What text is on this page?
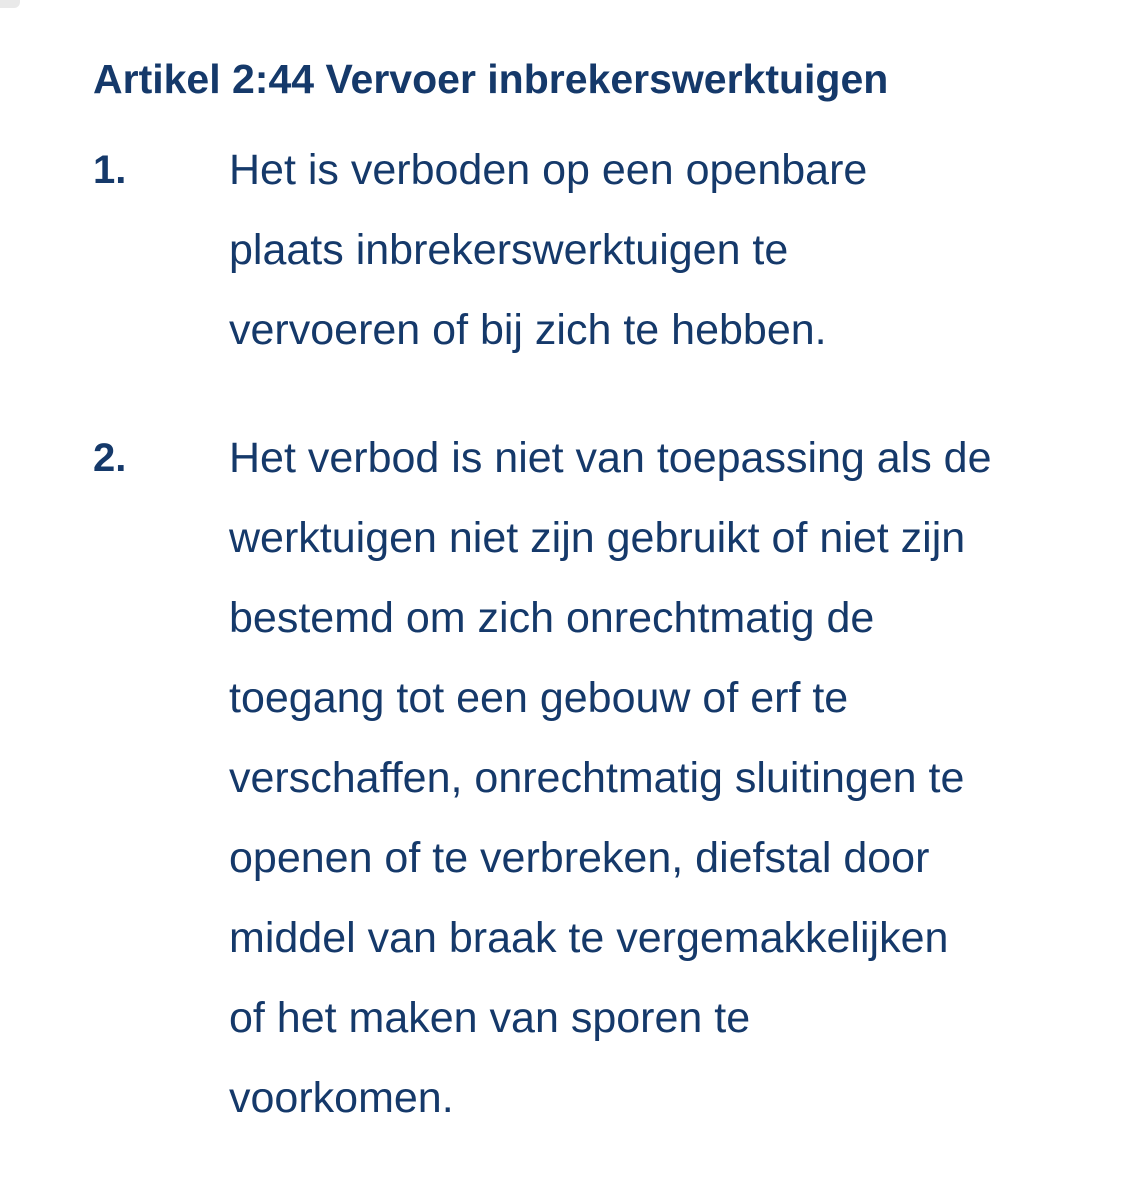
Artikel 2:44 Vervoer inbrekerswerktuigen
1.	Het is verboden op een openbare
plaats inbrekerswerktuigen te
vervoeren of bij zich te hebben.
2.	Het verbod is niet van toepassing als de
werktuigen niet zijn gebruikt of niet zijn
bestemd om zich onrechtmatig de
toegang tot een gebouw of erf te
verschaffen, onrechtmatig sluitingen te
openen of te verbreken, diefstal door
middel van braak te vergemakkelijken
of het maken van sporen te
voorkomen.
